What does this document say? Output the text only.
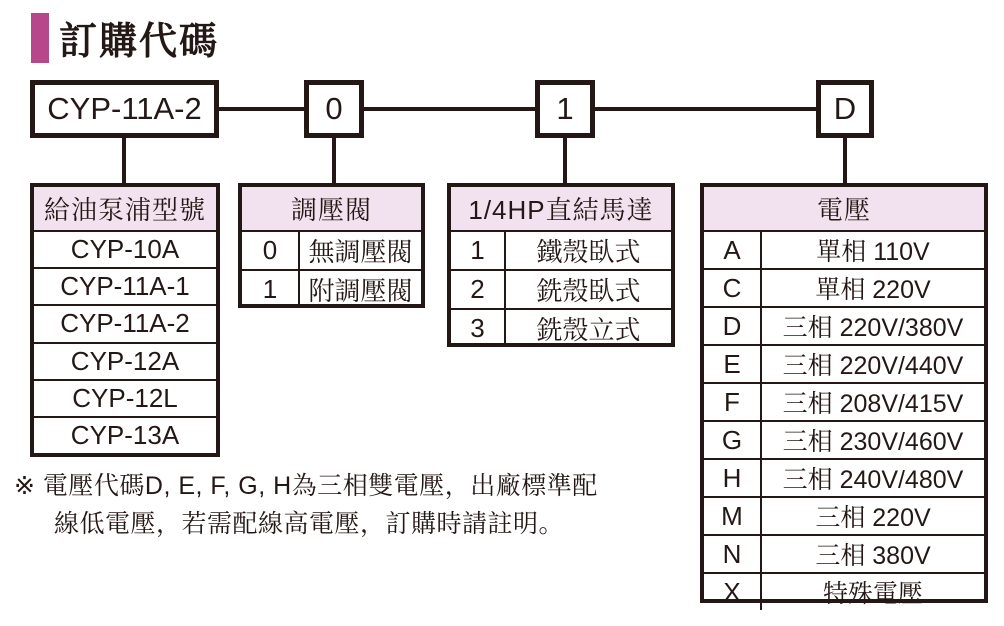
訂購代碼
CYP-11A-2	0	1	D
給油泵浦型號
CYP-10A
CYP-11A-1
CYP-11A-2
CYP-12A
CYP-12L
CYP-13A
調壓閥
0	無調壓閥
1	附調壓閥
1/4HP直結馬達
1	鐵殼臥式
2	銑殼臥式
3	銑殼立式
電壓
A	單相 110V
C	單相 220V
D	三相 220V/380V
E	三相 220V/440V
F	三相 208V/415V
G	三相 230V/460V
H	三相 240V/480V
M	三相 220V
N	三相 380V
X	特殊電壓
※ 電壓代碼D, E, F, G, H為三相雙電壓，出廠標準配
線低電壓，若需配線高電壓，訂購時請註明。
